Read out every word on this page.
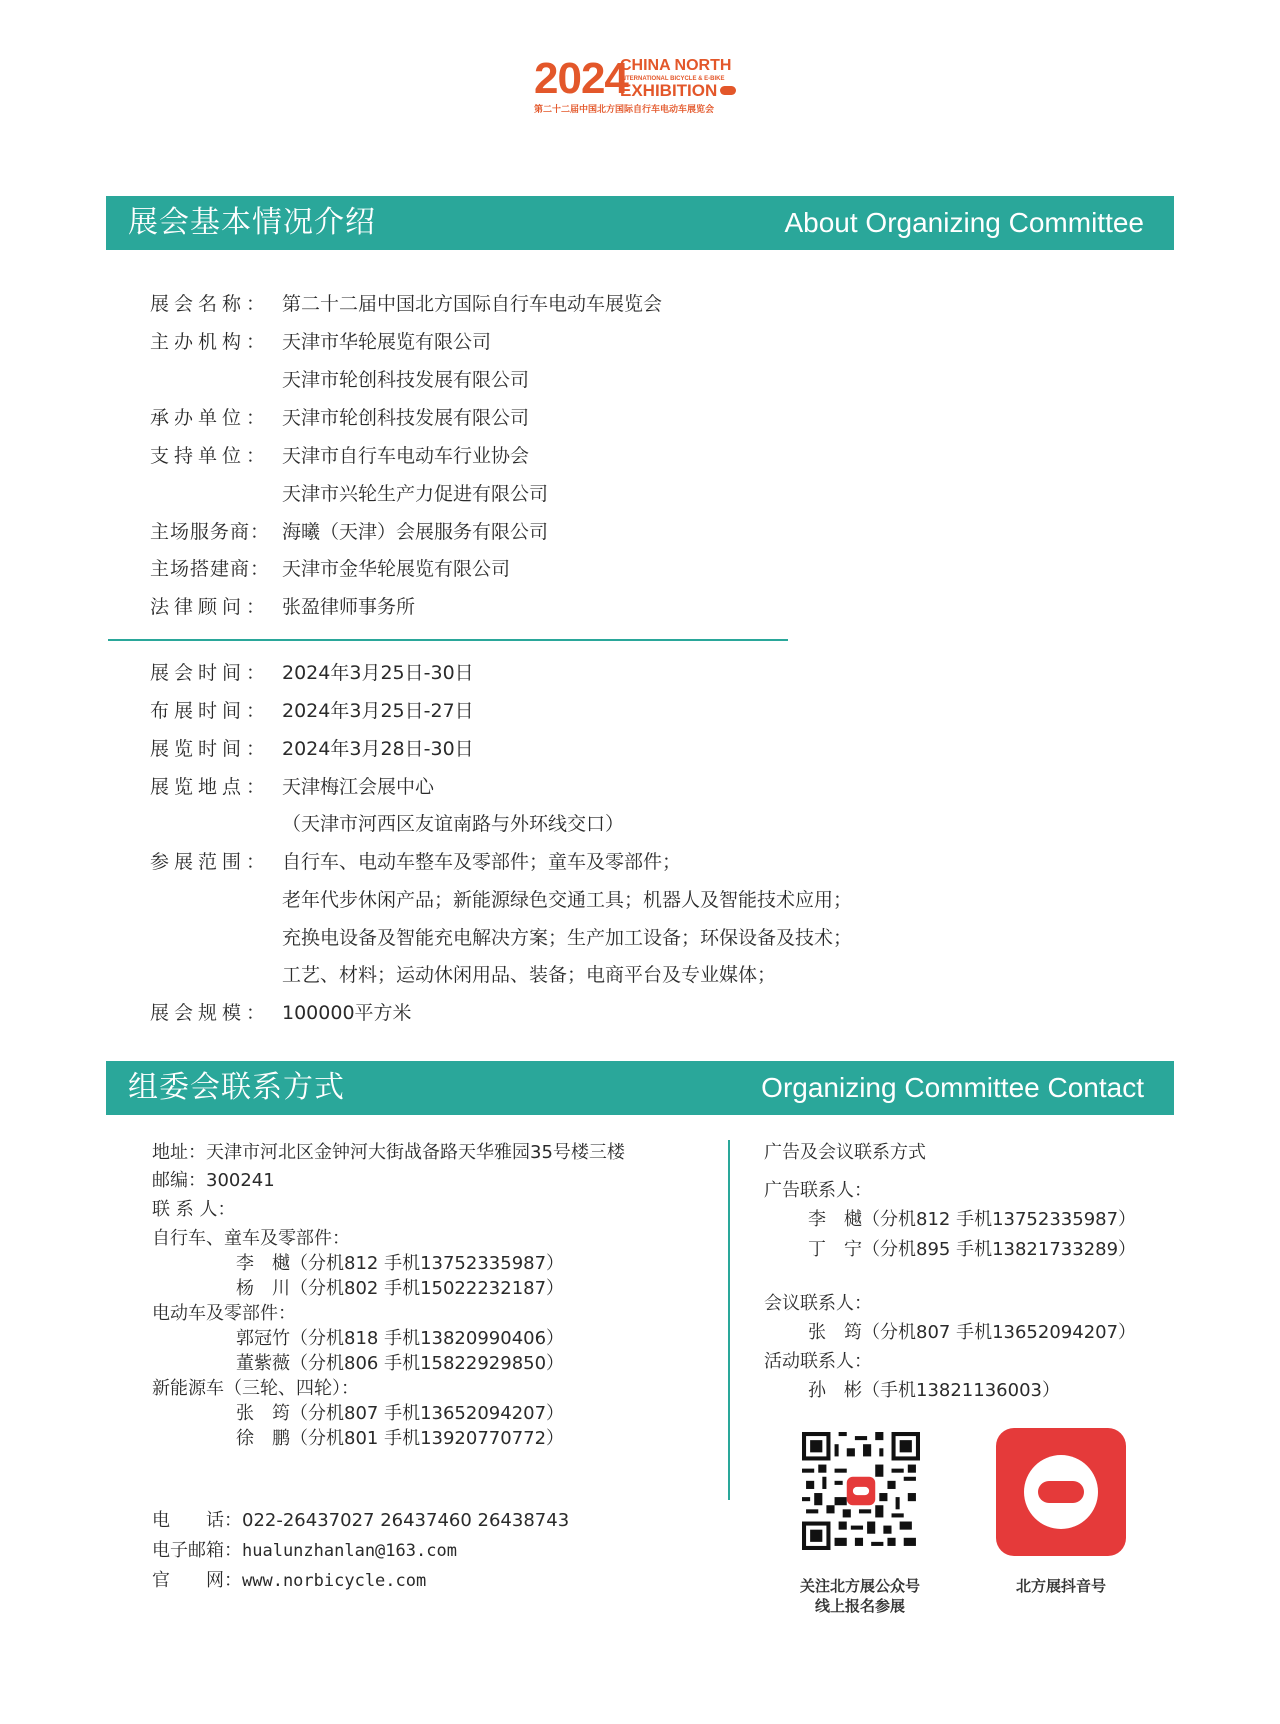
2024
CHINA NORTH
INTERNATIONAL BICYCLE & E-BIKE
EXHIBITION
第二十二届中国北方国际自行车电动车展览会
展会基本情况介绍	About Organizing Committee
展会名称： 第二十二届中国北方国际自行车电动车展览会
主办机构： 天津市华轮展览有限公司
天津市轮创科技发展有限公司
承办单位： 天津市轮创科技发展有限公司
支持单位： 天津市自行车电动车行业协会
天津市兴轮生产力促进有限公司
主场服务商： 海曦（天津）会展服务有限公司
主场搭建商： 天津市金华轮展览有限公司
法律顾问： 张盈律师事务所
展会时间： 2024年3月25日-30日
布展时间： 2024年3月25日-27日
展览时间： 2024年3月28日-30日
展览地点： 天津梅江会展中心
（天津市河西区友谊南路与外环线交口）
参展范围： 自行车、电动车整车及零部件；童车及零部件；
老年代步休闲产品；新能源绿色交通工具；机器人及智能技术应用；
充换电设备及智能充电解决方案；生产加工设备；环保设备及技术；
工艺、材料；运动休闲用品、装备；电商平台及专业媒体；
展会规模： 100000平方米
组委会联系方式	Organizing Committee Contact
地址：天津市河北区金钟河大街战备路天华雅园35号楼三楼
邮编：300241
联 系 人：
自行车、童车及零部件：
李　樾（分机812 手机13752335987）
杨　川（分机802 手机15022232187）
电动车及零部件：
郭冠竹（分机818 手机13820990406）
董紫薇（分机806 手机15822929850）
新能源车（三轮、四轮）：
张　筠（分机807 手机13652094207）
徐　鹏（分机801 手机13920770772）
电　　话：022-26437027 26437460 26438743
电子邮箱：hualunzhanlan@163.com
官　　网：www.norbicycle.com
广告及会议联系方式
广告联系人：
李　樾（分机812 手机13752335987）
丁　宁（分机895 手机13821733289）
会议联系人：
张　筠（分机807 手机13652094207）
活动联系人：
孙　彬（手机13821136003）
关注北方展公众号
线上报名参展
北方展抖音号
